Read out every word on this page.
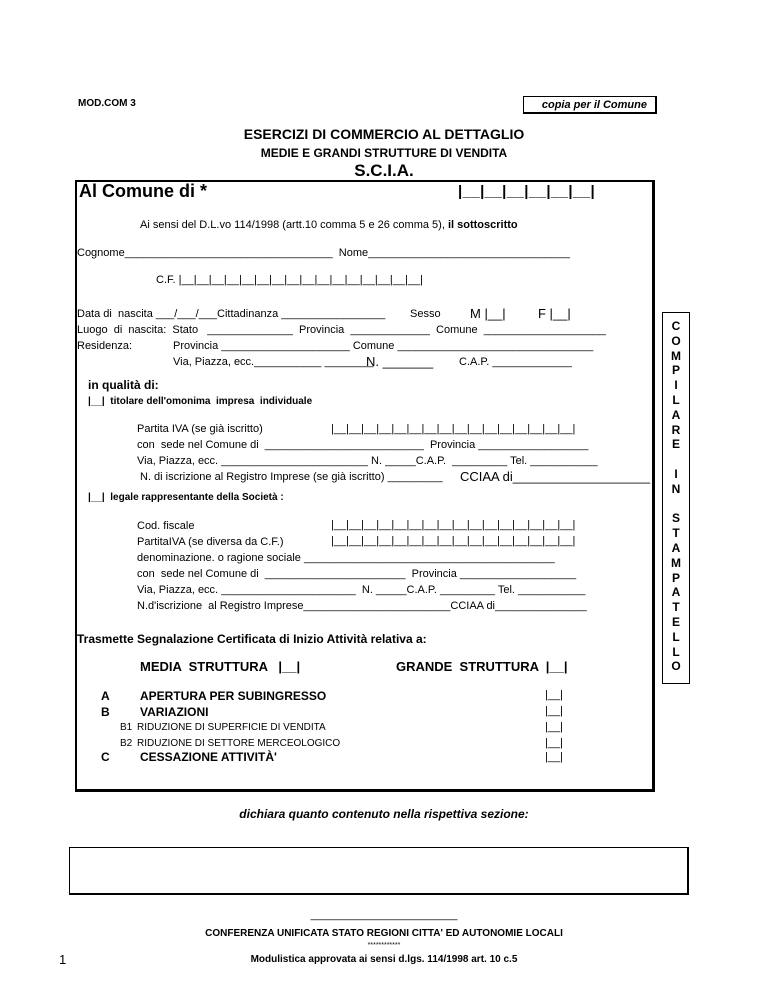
MOD.COM 3	copia per il Comune
ESERCIZI DI COMMERCIO AL DETTAGLIO
MEDIE E GRANDI STRUTTURE DI VENDITA
S.C.I.A.
Al Comune di *	|__|__|__|__|__|__|
Ai sensi del D.L.vo 114/1998 (artt.10 comma 5 e 26 comma 5), il sottoscritto
Cognome__________________________________  Nome_________________________________
C.F. |__|__|__|__|__|__|__|__|__|__|__|__|__|__|__|__|
Data di  nascita ___/___/___Cittadinanza _________________ Sesso M |__| F |__|
Luogo  di  nascita:  Stato   ______________  Provincia  _____________  Comune  ____________________
Residenza:	Provincia _____________________ Comune ________________________________
Via, Piazza, ecc.___________ ________
N. _______ C.A.P. _____________
in qualità di:
|__|  titolare dell'omonima  impresa  individuale
Partita IVA (se già iscritto)	|__|__|__|__|__|__|__|__|__|__|__|__|__|__|__|__|
con  sede nel Comune di  __________________________  Provincia __________________
Via, Piazza, ecc. ________________________ N. _____C.A.P.  _________ Tel. ___________
N. di iscrizione al Registro Imprese (se già iscritto) _________ CCIAA di___________________
|__|  legale rappresentante della Società :
Cod. fiscale	|__|__|__|__|__|__|__|__|__|__|__|__|__|__|__|__|
PartitaIVA (se diversa da C.F.)	|__|__|__|__|__|__|__|__|__|__|__|__|__|__|__|__|
denominazione. o ragione sociale _________________________________________
con  sede nel Comune di  _______________________  Provincia ___________________
Via, Piazza, ecc. ______________________  N. _____C.A.P. _________ Tel. ___________
N.d'iscrizione  al Registro Imprese________________________CCIAA di_______________
Trasmette Segnalazione Certificata di Inizio Attività relativa a:
MEDIA  STRUTTURA   |__|	GRANDE  STRUTTURA  |__|
A	APERTURA PER SUBINGRESSO	|__|
B	VARIAZIONI	|__|
B1 RIDUZIONE DI SUPERFICIE DI VENDITA	|__|
B2 RIDUZIONE DI SETTORE MERCEOLOGICO	|__|
C	CESSAZIONE ATTIVITÀ'	|__|
C
O
M
P
I
L
A
R
E
I
N
S
T
A
M
P
A
T
E
L
L
O
dichiara quanto contenuto nella rispettiva sezione:
________________________
CONFERENZA UNIFICATA STATO REGIONI CITTA' ED AUTONOMIE LOCALI
************
Modulistica approvata ai sensi d.lgs. 114/1998 art. 10 c.5
1
